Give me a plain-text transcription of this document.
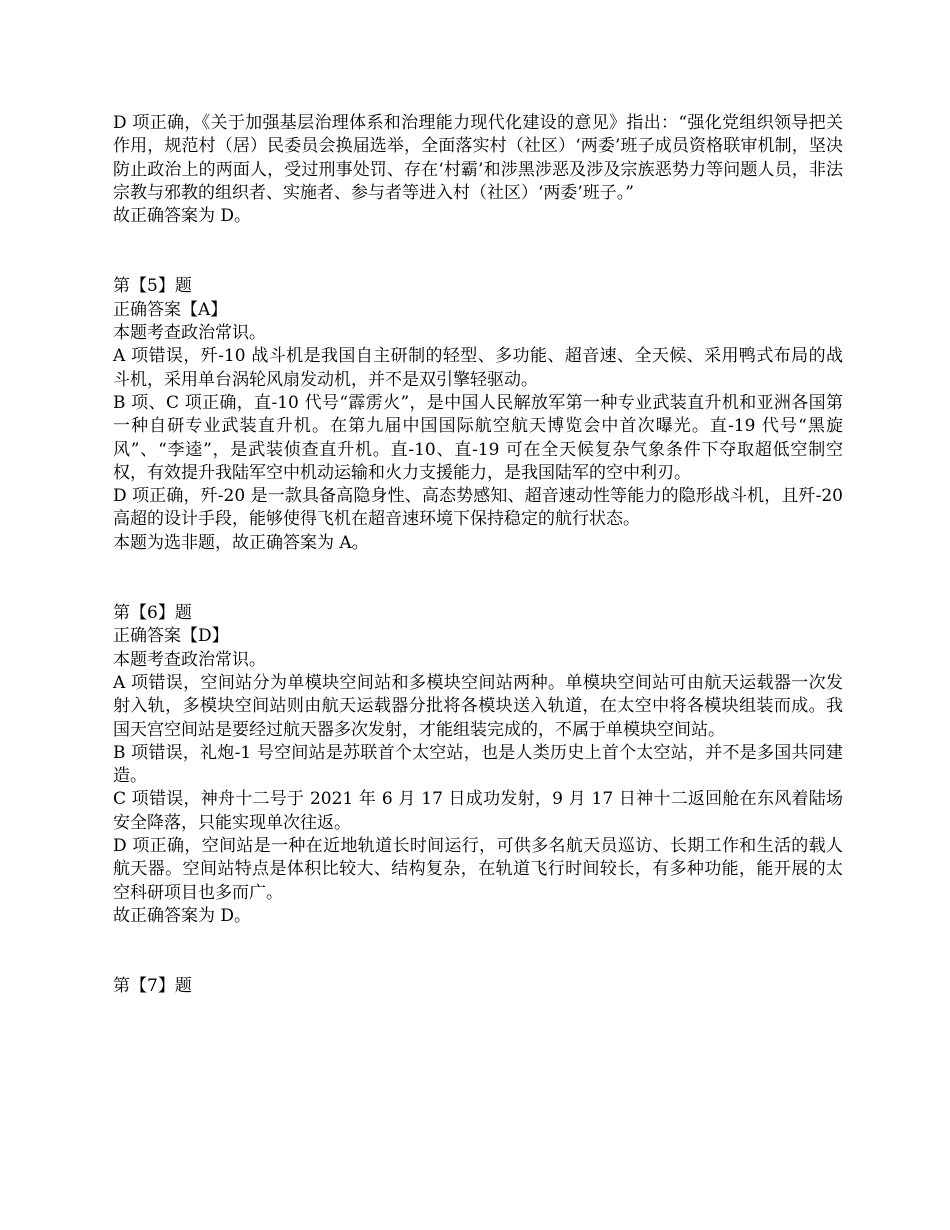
D 项正确，《关于加强基层治理体系和治理能力现代化建设的意见》指出：“强化党组织领导把关作用，规范村（居）民委员会换届选举，全面落实村（社区）‘两委’班子成员资格联审机制，坚决防止政治上的两面人，受过刑事处罚、存在‘村霸’和涉黑涉恶及涉及宗族恶势力等问题人员，非法宗教与邪教的组织者、实施者、参与者等进入村（社区）‘两委’班子。”

故正确答案为 D。

第【5】题

正确答案【A】

本题考查政治常识。

A 项错误，歼-10 战斗机是我国自主研制的轻型、多功能、超音速、全天候、采用鸭式布局的战斗机，采用单台涡轮风扇发动机，并不是双引擎轻驱动。

B 项、C 项正确，直-10 代号“霹雳火”，是中国人民解放军第一种专业武装直升机和亚洲各国第一种自研专业武装直升机。在第九届中国国际航空航天博览会中首次曝光。直-19 代号“黑旋风”、“李逵”，是武装侦查直升机。直-10、直-19 可在全天候复杂气象条件下夺取超低空制空权，有效提升我陆军空中机动运输和火力支援能力，是我国陆军的空中利刃。

D 项正确，歼-20 是一款具备高隐身性、高态势感知、超音速动性等能力的隐形战斗机，且歼-20 高超的设计手段，能够使得飞机在超音速环境下保持稳定的航行状态。

本题为选非题，故正确答案为 A。

第【6】题

正确答案【D】

本题考查政治常识。

A 项错误，空间站分为单模块空间站和多模块空间站两种。单模块空间站可由航天运载器一次发射入轨，多模块空间站则由航天运载器分批将各模块送入轨道，在太空中将各模块组装而成。我国天宫空间站是要经过航天器多次发射，才能组装完成的，不属于单模块空间站。

B 项错误，礼炮-1 号空间站是苏联首个太空站，也是人类历史上首个太空站，并不是多国共同建造。

C 项错误，神舟十二号于 2021 年 6 月 17 日成功发射，9 月 17 日神十二返回舱在东风着陆场安全降落，只能实现单次往返。

D 项正确，空间站是一种在近地轨道长时间运行，可供多名航天员巡访、长期工作和生活的载人航天器。空间站特点是体积比较大、结构复杂，在轨道飞行时间较长，有多种功能，能开展的太空科研项目也多而广。

故正确答案为 D。

第【7】题
